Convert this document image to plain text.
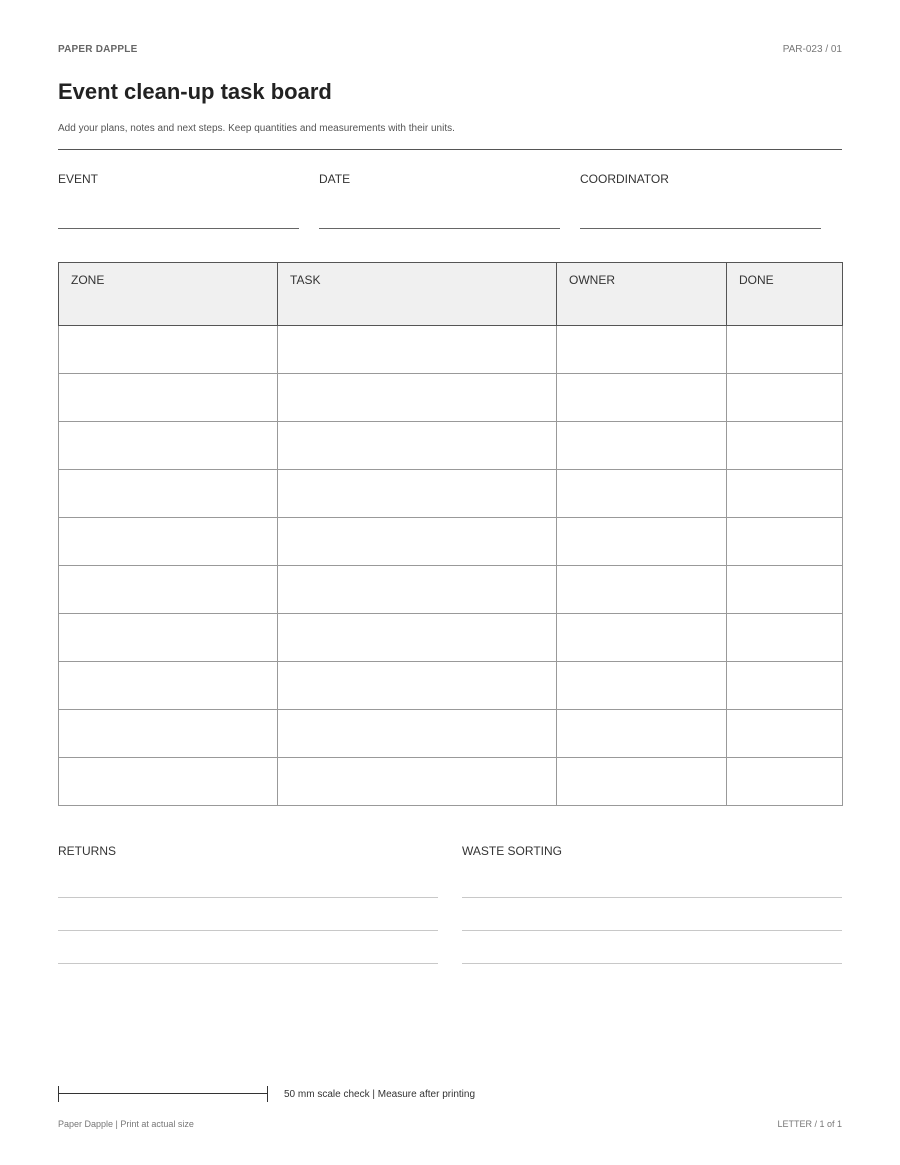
PAPER DAPPLE	PAR-023 / 01
Event clean-up task board

Add your plans, notes and next steps. Keep quantities and measurements with their units.

EVENT	DATE	COORDINATOR
ZONE	TASK	OWNER	DONE

RETURNS	WASTE SORTING
50 mm scale check | Measure after printing
Paper Dapple | Print at actual size	LETTER / 1 of 1
